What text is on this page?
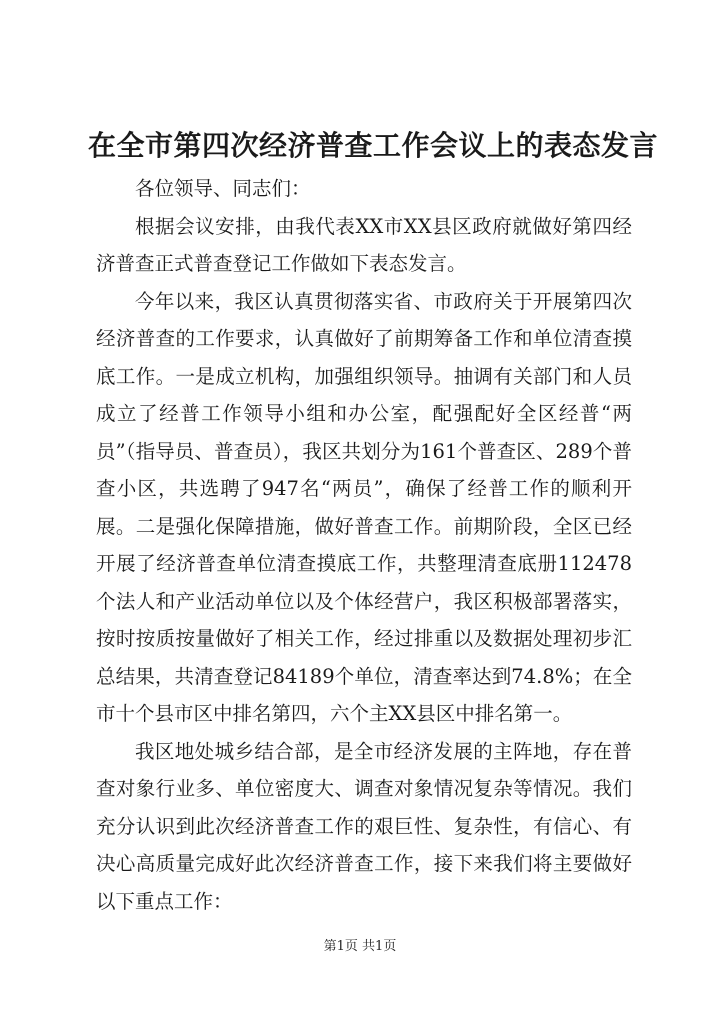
在全市第四次经济普查工作会议上的表态发言

各位领导、同志们：

根据会议安排，由我代表XX市XX县区政府就做好第四经济普查正式普查登记工作做如下表态发言。

今年以来，我区认真贯彻落实省、市政府关于开展第四次经济普查的工作要求，认真做好了前期筹备工作和单位清查摸底工作。一是成立机构，加强组织领导。抽调有关部门和人员成立了经普工作领导小组和办公室，配强配好全区经普“两员”（指导员、普查员），我区共划分为161个普查区、289个普查小区，共选聘了947名“两员”，确保了经普工作的顺利开展。二是强化保障措施，做好普查工作。前期阶段，全区已经开展了经济普查单位清查摸底工作，共整理清查底册112478个法人和产业活动单位以及个体经营户，我区积极部署落实，按时按质按量做好了相关工作，经过排重以及数据处理初步汇总结果，共清查登记84189个单位，清查率达到74.8%；在全市十个县市区中排名第四，六个主XX县区中排名第一。

我区地处城乡结合部，是全市经济发展的主阵地，存在普查对象行业多、单位密度大、调查对象情况复杂等情况。我们充分认识到此次经济普查工作的艰巨性、复杂性，有信心、有决心高质量完成好此次经济普查工作，接下来我们将主要做好以下重点工作：

第1页 共1页
